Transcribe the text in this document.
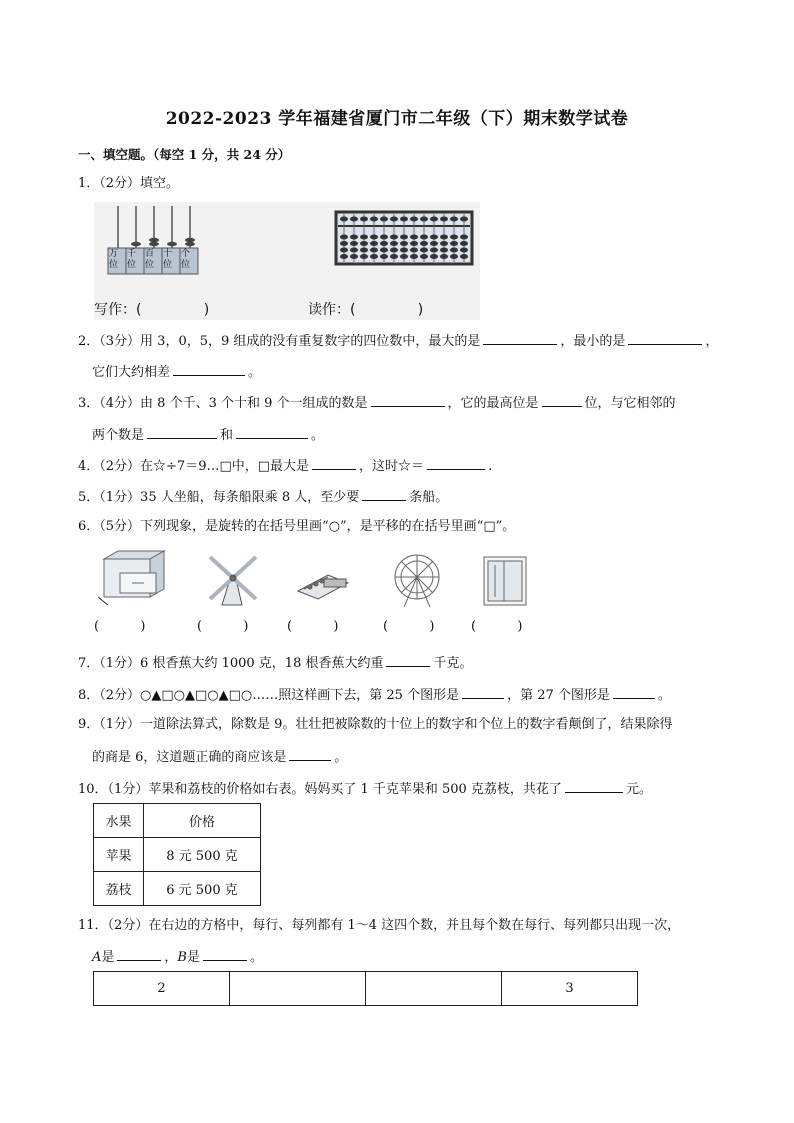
2022-2023 学年福建省厦门市二年级（下）期末数学试卷
一、填空题。（每空 1 分，共 24 分）
1．（2分）填空。
万
位
千
位
百
位
十
位
个
位
写作：(              )	读作：(              )
2．（3分）用 3，0，5，9 组成的没有重复数字的四位数中，最大的是	，最小的是	，
它们大约相差	。
3．（4分）由 8 个千、3 个十和 9 个一组成的数是	，它的最高位是	位，与它相邻的
两个数是	和	。
4．（2分）在☆÷7＝9…□中，□最大是	，这时☆＝	.
5．（1分）35 人坐船，每条船限乘 8 人，至少要	条船。
6．（5分）下列现象，是旋转的在括号里画“○”，是平移的在括号里画“□”。
(          )	(          )	(          )	(          )	(          )
7．（1分）6 根香蕉大约 1000 克，18 根香蕉大约重	千克。
8．（2分）○▲□○▲□○▲□○……照这样画下去，第 25 个图形是	，第 27 个图形是	。
9．（1分）一道除法算式，除数是 9。壮壮把被除数的十位上的数字和个位上的数字看颠倒了，结果除得
的商是 6，这道题正确的商应该是	。
10．（1分）苹果和荔枝的价格如右表。妈妈买了 1 千克苹果和 500 克荔枝，共花了	元。
水果	价格
苹果	8 元 500 克
荔枝	6 元 500 克
11．（2分）在右边的方格中，每行、每列都有 1～4 这四个数，并且每个数在每行、每列都只出现一次，
A是	，B是	。
2			3
